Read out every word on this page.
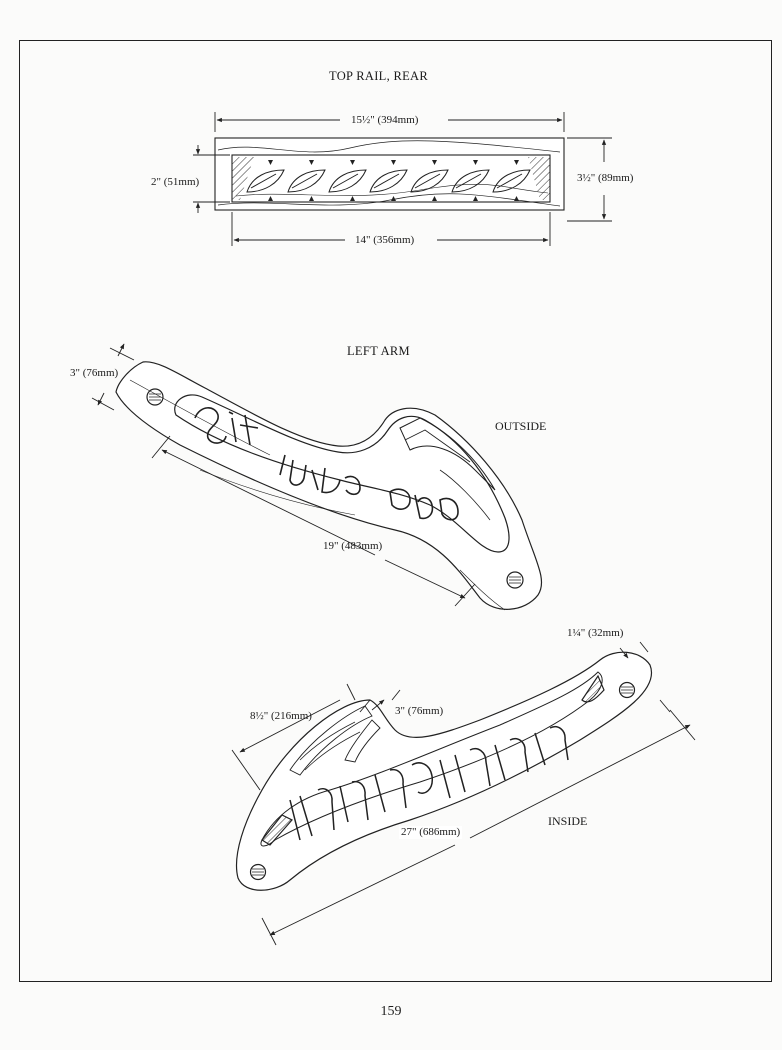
TOP RAIL, REAR
15½" (394mm)
14" (356mm)
2" (51mm)	3½" (89mm)
LEFT ARM
OUTSIDE
INSIDE
3" (76mm)
19" (483mm)
1¼" (32mm)
8½" (216mm)	3" (76mm)
27" (686mm)
159
